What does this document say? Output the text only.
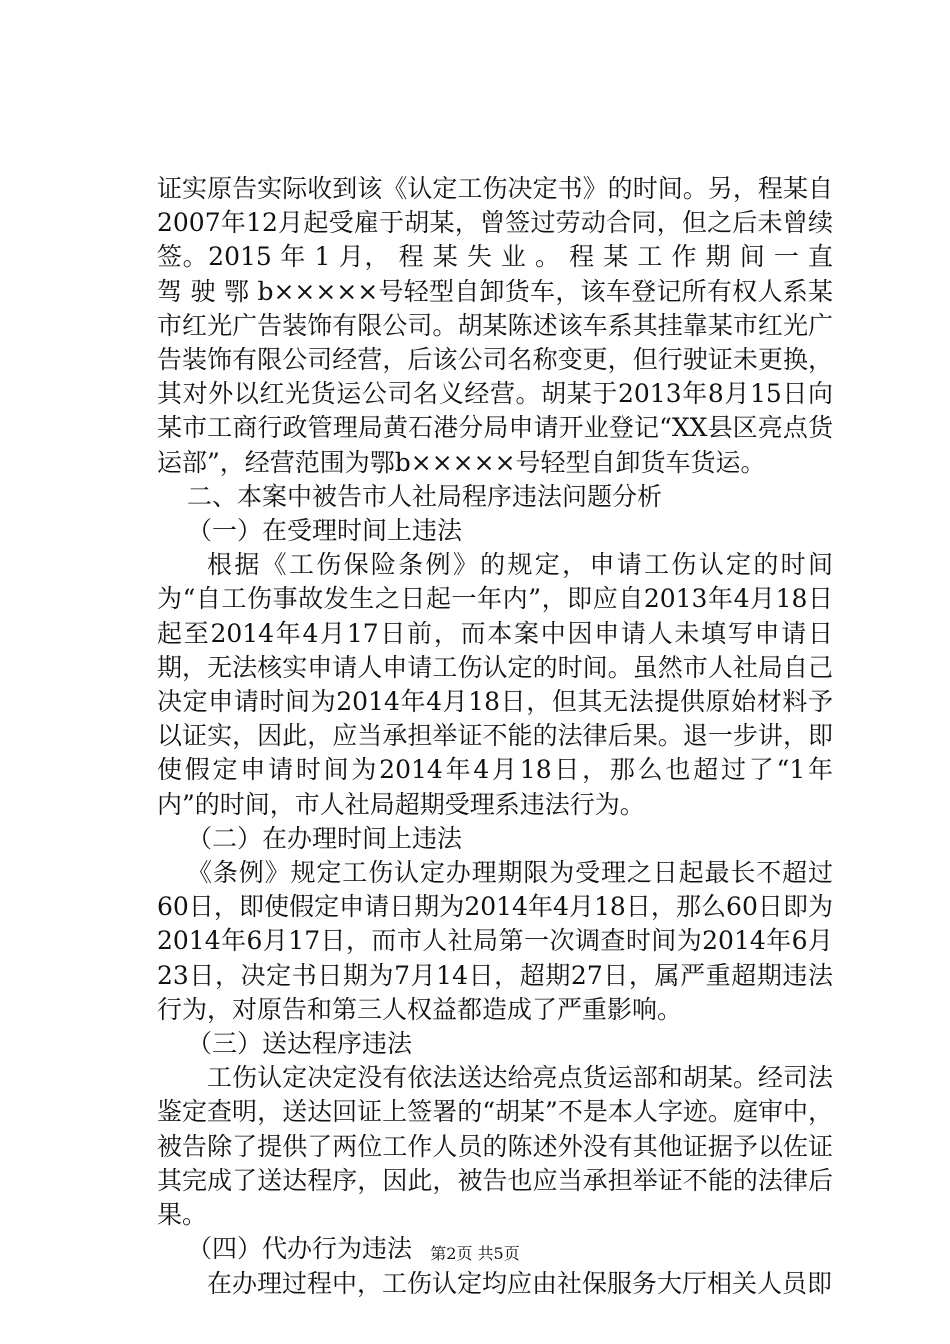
证实原告实际收到该《认定工伤决定书》的时间。另，程某自2007年12月起受雇于胡某，曾签过劳动合同，但之后未曾续签。2015 年 1 月， 程 某 失 业 。 程 某 工 作 期 间 一 直 驾 驶 鄂 b×××××号轻型自卸货车，该车登记所有权人系某市红光广告装饰有限公司。胡某陈述该车系其挂靠某市红光广告装饰有限公司经营，后该公司名称变更，但行驶证未更换，其对外以红光货运公司名义经营。胡某于2013年8月15日向某市工商行政管理局黄石港分局申请开业登记“XX县区亮点货运部”，经营范围为鄂b×××××号轻型自卸货车货运。

二、本案中被告市人社局程序违法问题分析

（一）在受理时间上违法

根据《工伤保险条例》的规定，申请工伤认定的时间为“自工伤事故发生之日起一年内”，即应自2013年4月18日起至2014年4月17日前，而本案中因申请人未填写申请日期，无法核实申请人申请工伤认定的时间。虽然市人社局自己决定申请时间为2014年4月18日，但其无法提供原始材料予以证实，因此，应当承担举证不能的法律后果。退一步讲，即使假定申请时间为2014年4月18日，那么也超过了“1年内”的时间，市人社局超期受理系违法行为。

（二）在办理时间上违法

《条例》规定工伤认定办理期限为受理之日起最长不超过60日，即使假定申请日期为2014年4月18日，那么60日即为2014年6月17日，而市人社局第一次调查时间为2014年6月23日，决定书日期为7月14日，超期27日，属严重超期违法行为，对原告和第三人权益都造成了严重影响。

（三）送达程序违法

工伤认定决定没有依法送达给亮点货运部和胡某。经司法鉴定查明，送达回证上签署的“胡某”不是本人字迹。庭审中，被告除了提供了两位工作人员的陈述外没有其他证据予以佐证其完成了送达程序，因此，被告也应当承担举证不能的法律后果。

（四）代办行为违法

在办理过程中，工伤认定均应由社保服务大厅相关人员即

第2页 共5页
